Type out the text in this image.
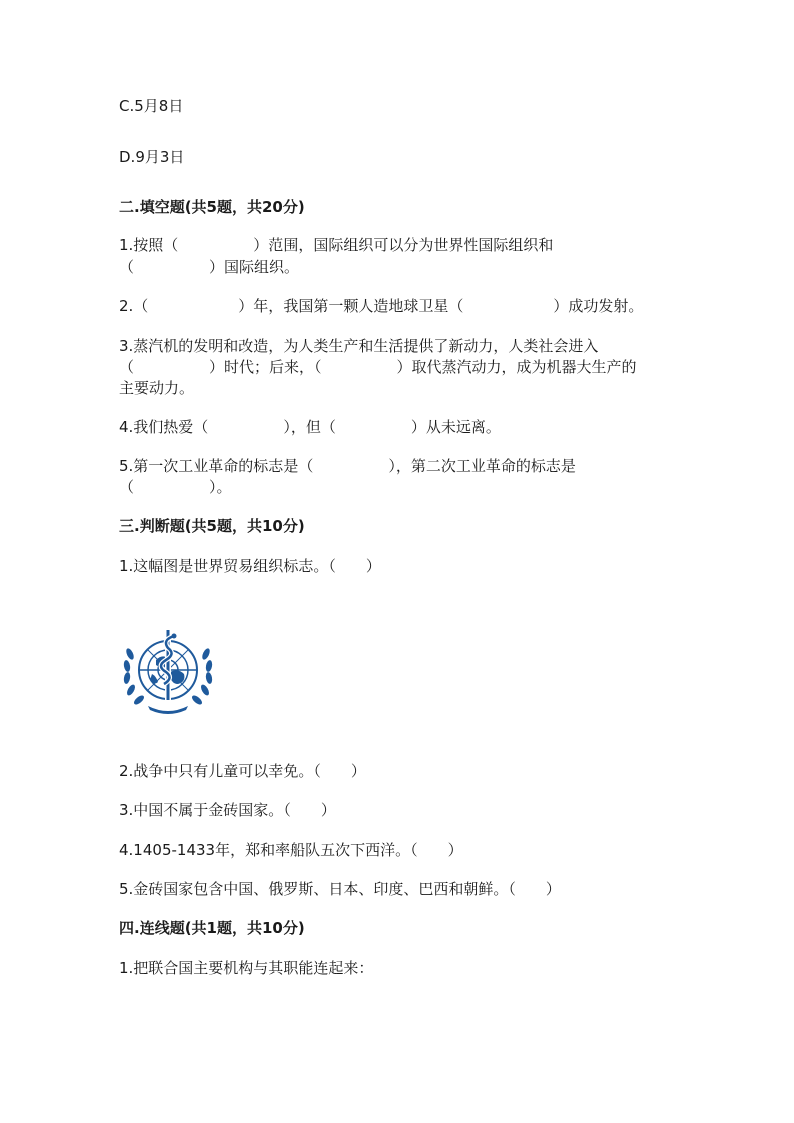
C.5月8日
D.9月3日
二.填空题(共5题，共20分)
1.按照（　　　　　）范围，国际组织可以分为世界性国际组织和
（　　　　　）国际组织。
2.（　　　　　　）年，我国第一颗人造地球卫星（　　　　　　）成功发射。
3.蒸汽机的发明和改造，为人类生产和生活提供了新动力，人类社会进入
（　　　　　）时代；后来，（　　　　　）取代蒸汽动力，成为机器大生产的
主要动力。
4.我们热爱（　　　　　），但（　　　　　）从未远离。
5.第一次工业革命的标志是（　　　　　），第二次工业革命的标志是
（　　　　　）。
三.判断题(共5题，共10分)
1.这幅图是世界贸易组织标志。（　　）
2.战争中只有儿童可以幸免。（　　）
3.中国不属于金砖国家。（　　）
4.1405-1433年，郑和率船队五次下西洋。（　　）
5.金砖国家包含中国、俄罗斯、日本、印度、巴西和朝鲜。（　　）
四.连线题(共1题，共10分)
1.把联合国主要机构与其职能连起来：
